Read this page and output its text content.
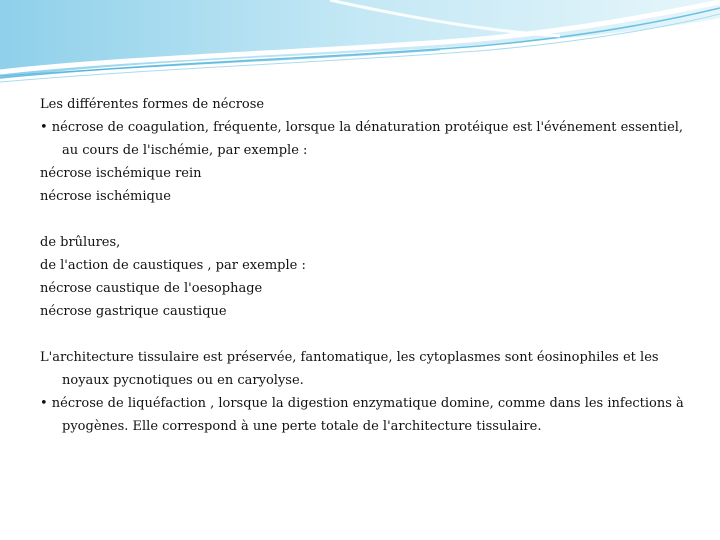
Les différentes formes de nécrose

• nécrose de coagulation, fréquente, lorsque la dénaturation protéique est l'événement essentiel, au cours de l'ischémie, par exemple :

nécrose ischémique rein

nécrose ischémique

de brûlures,

de l'action de caustiques , par exemple :

nécrose caustique de l'oesophage

nécrose gastrique caustique

L'architecture tissulaire est préservée, fantomatique, les cytoplasmes sont éosinophiles et les noyaux pycnotiques ou en caryolyse.

• nécrose de liquéfaction , lorsque la digestion enzymatique domine, comme dans les infections à pyogènes. Elle correspond à une perte totale de l'architecture tissulaire.
